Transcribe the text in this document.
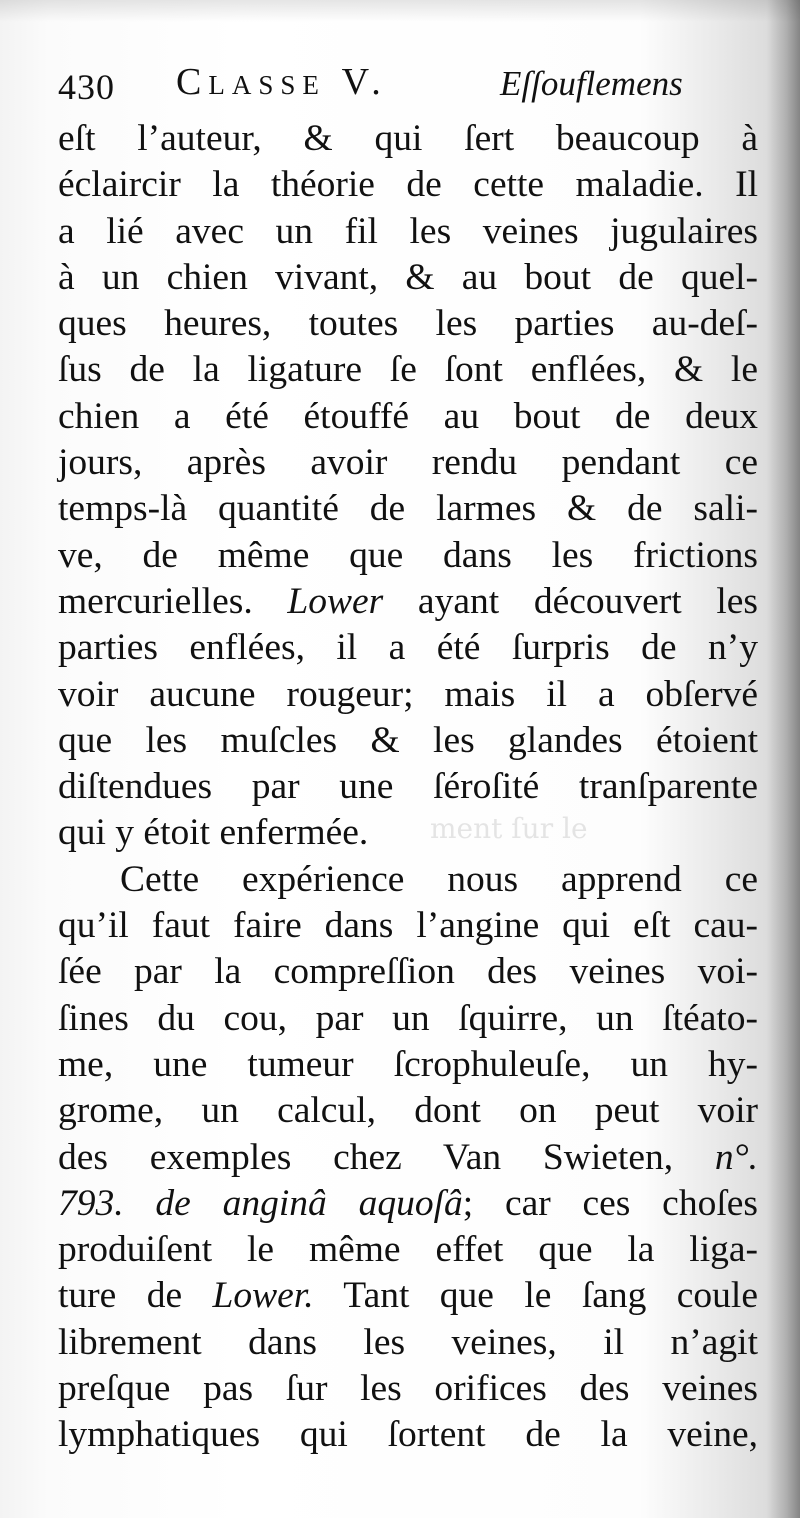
ment ſur le
430 Classe V.	Eſſouflemens
eſt l’auteur, & qui ſert beaucoup à
éclaircir la théorie de cette maladie. Il
a lié avec un fil les veines jugulaires
à un chien vivant, & au bout de quel-
ques heures, toutes les parties au-deſ-
ſus de la ligature ſe ſont enflées, & le
chien a été étouffé au bout de deux
jours, après avoir rendu pendant ce
temps-là quantité de larmes & de sali-
ve, de même que dans les frictions
mercurielles. Lower ayant découvert les
parties enflées, il a été ſurpris de n’y
voir aucune rougeur; mais il a obſervé
que les muſcles & les glandes étoient
diſtendues par une ſéroſité tranſparente
qui y étoit enfermée.
Cette expérience nous apprend ce
qu’il faut faire dans l’angine qui eſt cau-
ſée par la compreſſion des veines voi-
ſines du cou, par un ſquirre, un ſtéato-
me, une tumeur ſcrophuleuſe, un hy-
grome, un calcul, dont on peut voir
des exemples chez Van Swieten, n°.
793. de anginâ aquoſâ; car ces choſes
produiſent le même effet que la liga-
ture de Lower. Tant que le ſang coule
librement dans les veines, il n’agit
preſque pas ſur les orifices des veines
lymphatiques qui ſortent de la veine,
